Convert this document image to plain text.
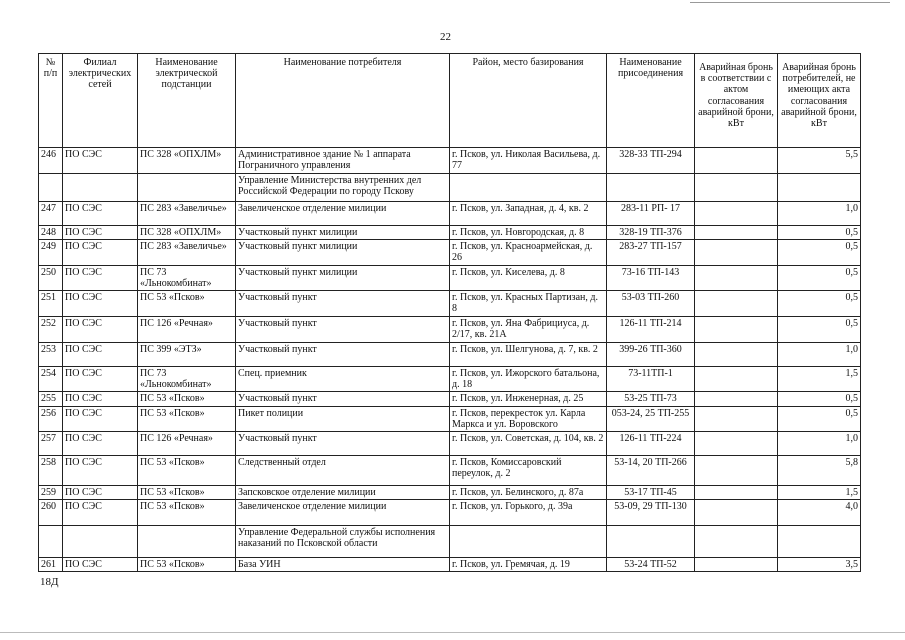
22
№ п/п	Филиал электрических сетей	Наименование электрической подстанции	Наименование потребителя	Район, место базирования	Наименование присоединения	Аварийная бронь в соответствии с актом согласования аварийной брони, кВт	Аварийная бронь потребителей, не имеющих акта согласования аварийной брони, кВт
246	ПО СЭС	ПС 328 «ОПХЛМ»	Административное здание № 1 аппарата Пограничного управления	г. Псков, ул. Николая Васильева, д. 77	328-33 ТП-294		5,5
			Управление Министерства внутренних дел Российской Федерации по городу Пскову				
247	ПО СЭС	ПС 283 «Завеличье»	Завеличенское отделение милиции	г. Псков, ул. Западная, д. 4, кв. 2	283-11 РП- 17		1,0
248	ПО СЭС	ПС 328 «ОПХЛМ»	Участковый пункт милиции	г. Псков, ул. Новгородская, д. 8	328-19 ТП-376		0,5
249	ПО СЭС	ПС 283 «Завеличье»	Участковый пункт милиции	г. Псков, ул. Красноармейская, д. 26	283-27 ТП-157		0,5
250	ПО СЭС	ПС 73 «Льнокомбинат»	Участковый пункт милиции	г. Псков, ул. Киселева, д. 8	73-16 ТП-143		0,5
251	ПО СЭС	ПС 53 «Псков»	Участковый пункт	г. Псков, ул. Красных Партизан, д. 8	53-03 ТП-260		0,5
252	ПО СЭС	ПС 126 «Речная»	Участковый пункт	г. Псков, ул. Яна Фабрициуса, д. 2/17, кв. 21А	126-11 ТП-214		0,5
253	ПО СЭС	ПС 399 «ЭТЗ»	Участковый пункт	г. Псков, ул. Шелгунова, д. 7, кв. 2	399-26 ТП-360		1,0
254	ПО СЭС	ПС 73 «Льнокомбинат»	Спец. приемник	г. Псков, ул. Ижорского батальона, д. 18	73-11ТП-1		1,5
255	ПО СЭС	ПС 53 «Псков»	Участковый пункт	г. Псков, ул. Инженерная, д. 25	53-25 ТП-73		0,5
256	ПО СЭС	ПС 53 «Псков»	Пикет полиции	г. Псков, перекресток ул. Карла Маркса и ул. Воровского	053-24, 25 ТП-255		0,5
257	ПО СЭС	ПС 126 «Речная»	Участковый пункт	г. Псков, ул. Советская, д. 104, кв. 2	126-11 ТП-224		1,0
258	ПО СЭС	ПС 53 «Псков»	Следственный отдел	г. Псков, Комиссаровский переулок, д. 2	53-14, 20 ТП-266		5,8
259	ПО СЭС	ПС 53 «Псков»	Запсковское отделение милиции	г. Псков, ул. Белинского, д. 87а	53-17 ТП-45		1,5
260	ПО СЭС	ПС 53 «Псков»	Завеличенское отделение милиции	г. Псков, ул. Горького, д. 39а	53-09, 29 ТП-130		4,0
			Управление Федеральной службы исполнения наказаний по Псковской области				
261	ПО СЭС	ПС 53 «Псков»	База УИН	г. Псков, ул. Гремячая, д. 19	53-24 ТП-52		3,5
18Д
